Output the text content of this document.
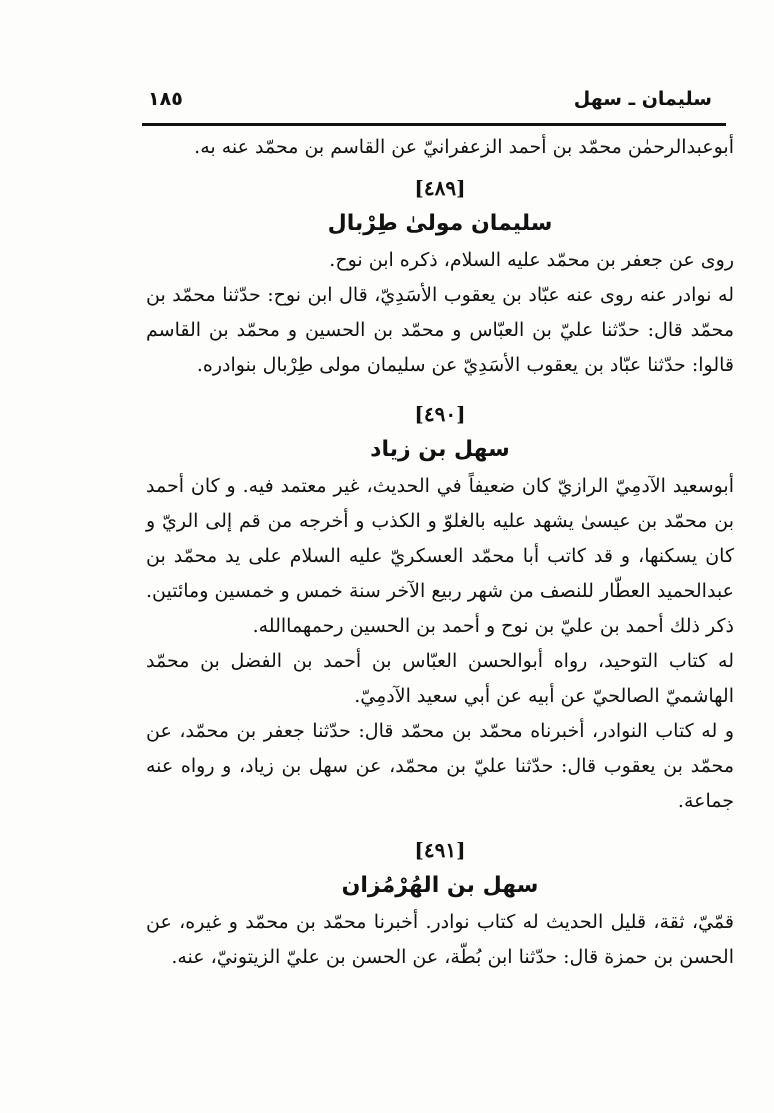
سليمان ـ سهل
١٨٥

أبوعبدالرحمٰن محمّد بن أحمد الزعفرانيّ عن القاسم بن محمّد عنه به.

[٤٨٩]

سليمان مولىٰ طِرْبال

روى عن جعفر بن محمّد عليه السلام، ذكره ابن نوح.

له نوادر عنه روى عنه عبّاد بن يعقوب الأسَدِيّ، قال ابن نوح: حدّثنا محمّد بن محمّد قال: حدّثنا عليّ بن العبّاس و محمّد بن الحسين و محمّد بن القاسم قالوا: حدّثنا عبّاد بن يعقوب الأسَدِيّ عن سليمان مولى طِرْبال بنوادره.

[٤٩٠]

سهل بن زياد

أبوسعيد الآدمِيّ الرازيّ كان ضعيفاً في الحديث، غير معتمد فيه. و كان أحمد بن محمّد بن عيسىٰ يشهد عليه بالغلوّ و الكذب و أخرجه من قم إلى الريّ و كان يسكنها، و قد كاتب أبا محمّد العسكريّ عليه السلام على يد محمّد بن عبدالحميد العطّار للنصف من شهر ربيع الآخر سنة خمس و خمسين ومائتين. ذكر ذلك أحمد بن عليّ بن نوح و أحمد بن الحسين رحمهماالله.

له كتاب التوحيد، رواه أبوالحسن العبّاس بن أحمد بن الفضل بن محمّد الهاشميّ الصالحيّ عن أبيه عن أبي سعيد الآدمِيّ.

و له كتاب النوادر، أخبرناه محمّد بن محمّد قال: حدّثنا جعفر بن محمّد، عن محمّد بن يعقوب قال: حدّثنا عليّ بن محمّد، عن سهل بن زياد، و رواه عنه جماعة.

[٤٩١]

سهل بن الهُرْمُزان

قمّيّ، ثقة، قليل الحديث له كتاب نوادر. أخبرنا محمّد بن محمّد و غيره، عن الحسن بن حمزة قال: حدّثنا ابن بُطّة، عن الحسن بن عليّ الزيتونيّ، عنه.
